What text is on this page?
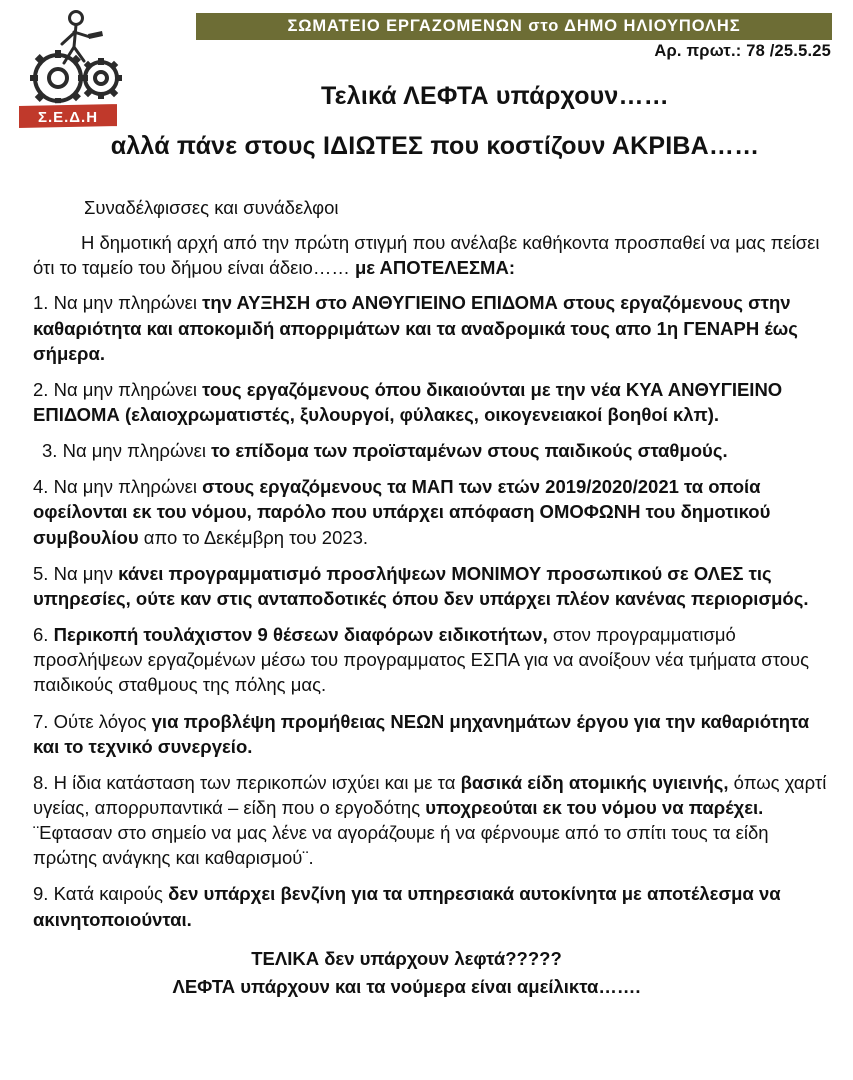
Σ.Ε.Δ.Η
ΣΩΜΑΤΕΙΟ ΕΡΓΑΖΟΜΕΝΩΝ στο ΔΗΜΟ ΗΛΙΟΥΠΟΛΗΣ
Αρ. πρωτ.: 78 /25.5.25
Τελικά ΛΕΦΤΑ υπάρχουν……
αλλά πάνε στους ΙΔΙΩΤΕΣ που κοστίζουν ΑΚΡΙΒΑ……

Συναδέλφισσες και συνάδελφοι

Η δημοτική αρχή από την πρώτη στιγμή που ανέλαβε καθήκοντα προσπαθεί να μας πείσει ότι το ταμείο του δήμου είναι άδειο…… με ΑΠΟΤΕΛΕΣΜΑ:

1. Να μην πληρώνει την ΑΥΞΗΣΗ στο ΑΝΘΥΓΙΕΙΝΟ ΕΠΙΔΟΜΑ στους εργαζόμενους στην καθαριότητα και αποκομιδή απορριμάτων και τα αναδρομικά τους απο 1η ΓΕΝΑΡΗ έως σήμερα.

2. Να μην πληρώνει τους εργαζόμενους όπου δικαιούνται με την νέα ΚΥΑ ΑΝΘΥΓΙΕΙΝΟ ΕΠΙΔΟΜΑ (ελαιοχρωματιστές, ξυλουργοί, φύλακες, οικογενειακοί βοηθοί κλπ).

3. Να μην πληρώνει το επίδομα των προϊσταμένων στους παιδικούς σταθμούς.

4. Να μην πληρώνει στους εργαζόμενους τα ΜΑΠ των ετών 2019/2020/2021 τα οποία οφείλονται εκ του νόμου, παρόλο που υπάρχει απόφαση ΟΜΟΦΩΝΗ του δημοτικού συμβουλίου απο το Δεκέμβρη του 2023.

5. Να μην κάνει προγραμματισμό προσλήψεων ΜΟΝΙΜΟΥ προσωπικού σε ΟΛΕΣ τις υπηρεσίες, ούτε καν στις ανταποδοτικές όπου δεν υπάρχει πλέον κανένας περιορισμός.

6. Περικοπή τουλάχιστον 9 θέσεων διαφόρων ειδικοτήτων, στον προγραμματισμό προσλήψεων εργαζομένων μέσω του προγραμματος ΕΣΠΑ για να ανοίξουν νέα τμήματα στους παιδικούς σταθμους της πόλης μας.

7. Ούτε λόγος για προβλέψη προμήθειας ΝΕΩΝ μηχανημάτων έργου για την καθαριότητα και το τεχνικό συνεργείο.

8. Η ίδια κατάσταση των περικοπών ισχύει και με τα βασικά είδη ατομικής υγιεινής, όπως χαρτί υγείας, απορρυπαντικά – είδη που ο εργοδότης υποχρεούται εκ του νόμου να παρέχει. ¨Εφτασαν στο σημείο να μας λένε να αγοράζουμε ή να φέρνουμε από το σπίτι τους τα είδη πρώτης ανάγκης και καθαρισμού¨.

9. Κατά καιρούς δεν υπάρχει βενζίνη για τα υπηρεσιακά αυτοκίνητα με αποτέλεσμα να ακινητοποιούνται.

ΤΕΛΙΚΑ δεν υπάρχουν λεφτά?????
ΛΕΦΤΑ υπάρχουν και τα νούμερα είναι αμείλικτα…….
